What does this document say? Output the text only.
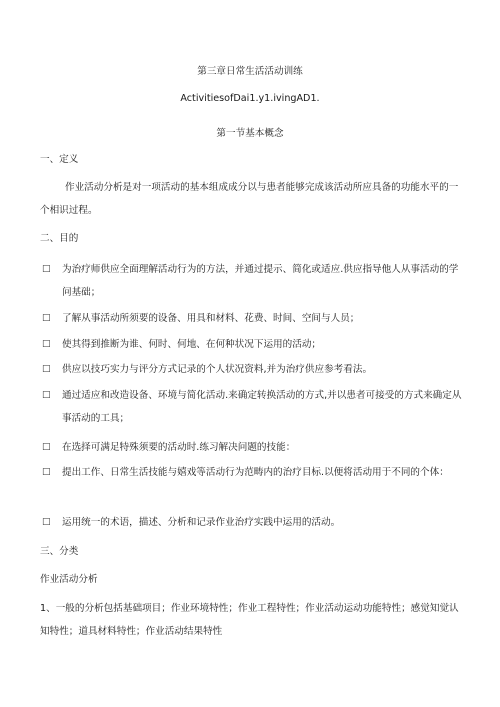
第三章日常生活活动训练
ActivitiesofDai1.y1.ivingAD1.
第一节基本概念
一、定义
作业活动分析是对一项活动的基本组成成分以与患者能够完成该活动所应具备的功能水平的一个相识过程。
二、目的
□ 为治疗师供应全面理解活动行为的方法，并通过提示、简化或适应.供应指导他人从事活动的学问基础；
□ 了解从事活动所须要的设备、用具和材料、花费、时间、空间与人员；
□ 使其得到推断为谁、何时、何地、在何种状况下运用的活动；
□ 供应以技巧实力与评分方式记录的个人状况资料,并为治疗供应参考看法。
□ 通过适应和改造设备、环境与简化活动.来确定转换活动的方式,并以患者可接受的方式来确定从事活动的工具；
□ 在选择可满足特殊须要的活动时.练习解决问题的技能：
□ 提出工作、日常生活技能与嬉戏等活动行为范畴内的治疗目标.以便将活动用于不同的个体：
□ 运用统一的术语，描述、分析和记录作业治疗实践中运用的活动。
三、分类
作业活动分析
1、一般的分析包括基础项目；作业环境特性；作业工程特性；作业活动运动功能特性；感觉知觉认知特性；道具材料特性；作业活动结果特性
